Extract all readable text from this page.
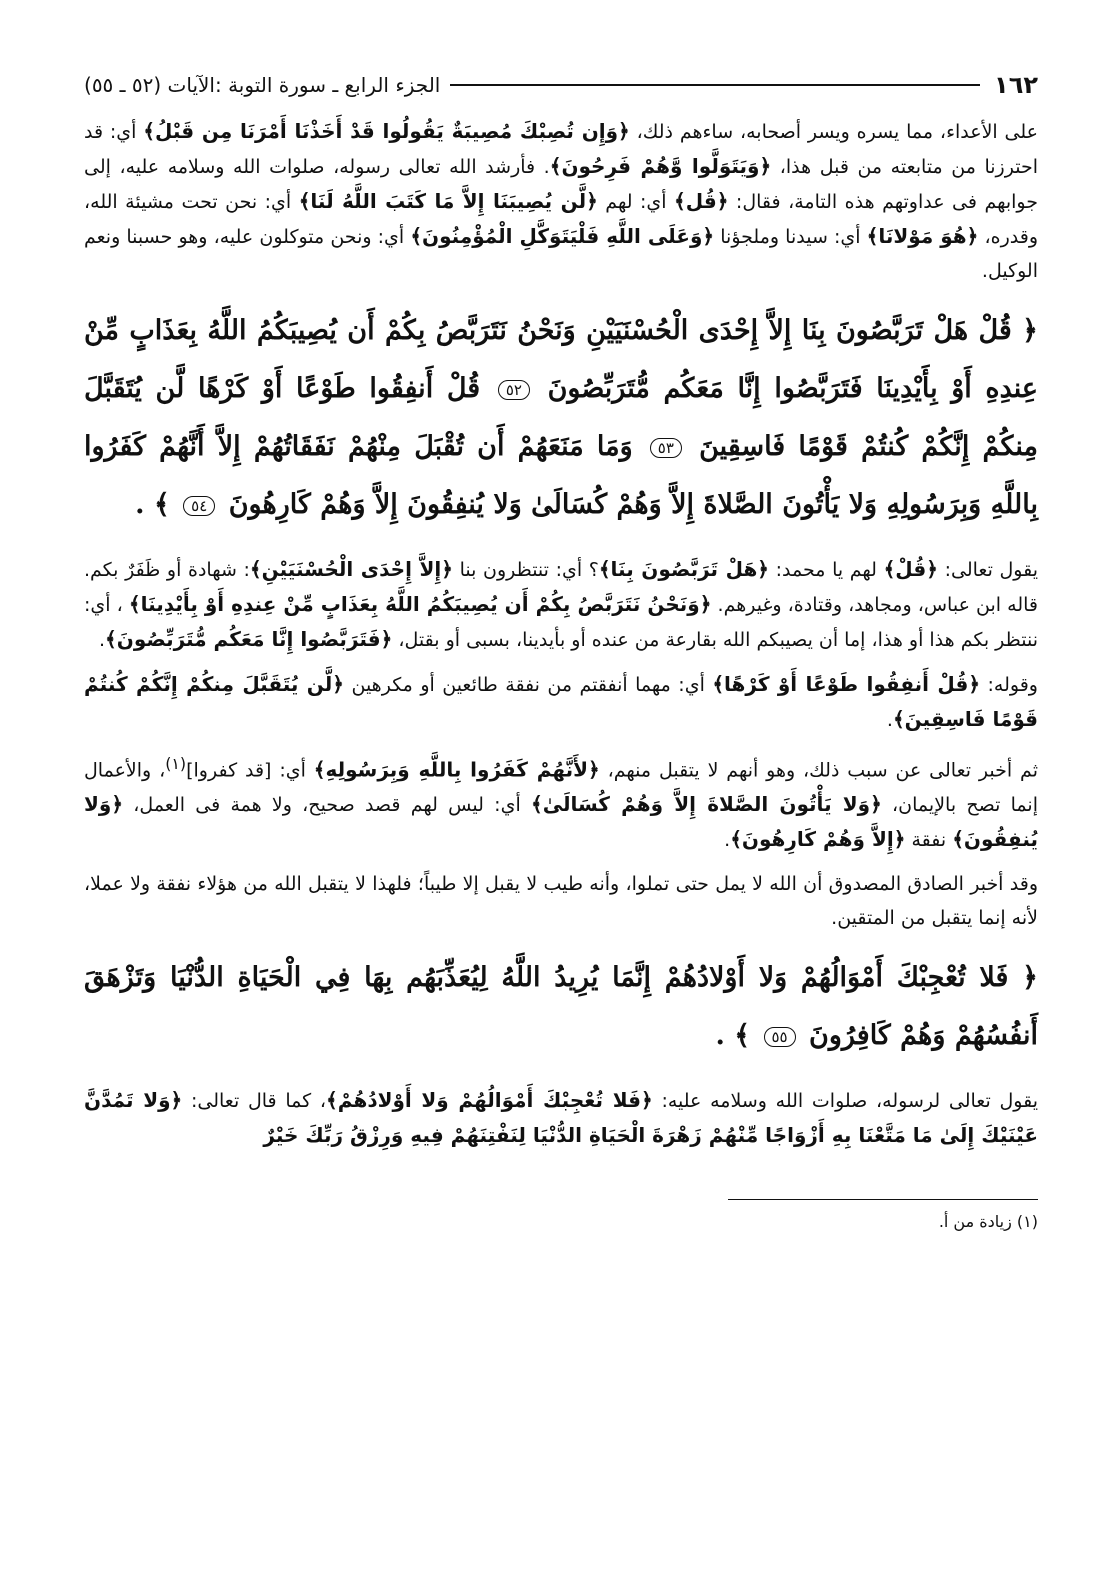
١٦٢
الجزء الرابع ـ سورة التوبة :الآيات (٥٢ ـ ٥٥)

على الأعداء، مما يسره ويسر أصحابه، ساءهم ذلك، ﴿وَإِن تُصِبْكَ مُصِيبَةٌ يَقُولُوا قَدْ أَخَذْنَا أَمْرَنَا مِن قَبْلُ﴾ أي: قد احترزنا من متابعته من قبل هذا، ﴿وَيَتَوَلَّوا وَّهُمْ فَرِحُونَ﴾. فأرشد الله تعالى رسوله، صلوات الله وسلامه عليه، إلى جوابهم فى عداوتهم هذه التامة، فقال: ﴿قُل﴾ أي: لهم ﴿لَّن يُصِيبَنَا إِلاَّ مَا كَتَبَ اللَّهُ لَنَا﴾ أي: نحن تحت مشيئة الله، وقدره، ﴿هُوَ مَوْلانَا﴾ أي: سيدنا وملجؤنا ﴿وَعَلَى اللَّهِ فَلْيَتَوَكَّلِ الْمُؤْمِنُونَ﴾ أي: ونحن متوكلون عليه، وهو حسبنا ونعم الوكيل.

﴿ قُلْ هَلْ تَرَبَّصُونَ بِنَا إِلاَّ إِحْدَى الْحُسْنَيَيْنِ وَنَحْنُ نَتَرَبَّصُ بِكُمْ أَن يُصِيبَكُمُ اللَّهُ بِعَذَابٍ مِّنْ عِندِهِ أَوْ بِأَيْدِينَا فَتَرَبَّصُوا إِنَّا مَعَكُم مُّتَرَبِّصُونَ ٥٢ قُلْ أَنفِقُوا طَوْعًا أَوْ كَرْهًا لَّن يُتَقَبَّلَ مِنكُمْ إِنَّكُمْ كُنتُمْ قَوْمًا فَاسِقِينَ ٥٣ وَمَا مَنَعَهُمْ أَن تُقْبَلَ مِنْهُمْ نَفَقَاتُهُمْ إِلاَّ أَنَّهُمْ كَفَرُوا بِاللَّهِ وَبِرَسُولِهِ وَلا يَأْتُونَ الصَّلاةَ إِلاَّ وَهُمْ كُسَالَىٰ وَلا يُنفِقُونَ إِلاَّ وَهُمْ كَارِهُونَ ٥٤ ﴾ .

يقول تعالى: ﴿قُلْ﴾ لهم يا محمد: ﴿هَلْ تَرَبَّصُونَ بِنَا﴾؟ أي: تنتظرون بنا ﴿إِلاَّ إِحْدَى الْحُسْنَيَيْنِ﴾: شهادة أو ظَفَرٌ بكم. قاله ابن عباس، ومجاهد، وقتادة، وغيرهم. ﴿وَنَحْنُ نَتَرَبَّصُ بِكُمْ أَن يُصِيبَكُمُ اللَّهُ بِعَذَابٍ مِّنْ عِندِهِ أَوْ بِأَيْدِينَا﴾ ، أي: ننتظر بكم هذا أو هذا، إما أن يصيبكم الله بقارعة من عنده أو بأيدينا، بسبى أو بقتل، ﴿فَتَرَبَّصُوا إِنَّا مَعَكُم مُّتَرَبِّصُونَ﴾.

وقوله: ﴿قُلْ أَنفِقُوا طَوْعًا أَوْ كَرْهًا﴾ أي: مهما أنفقتم من نفقة طائعين أو مكرهين ﴿لَّن يُتَقَبَّلَ مِنكُمْ إِنَّكُمْ كُنتُمْ قَوْمًا فَاسِقِينَ﴾.

ثم أخبر تعالى عن سبب ذلك، وهو أنهم لا يتقبل منهم، ﴿لأَنَّهُمْ كَفَرُوا بِاللَّهِ وَبِرَسُولِهِ﴾ أي: [قد كفروا]$^{(١)}$، والأعمال إنما تصح بالإيمان، ﴿وَلا يَأْتُونَ الصَّلاةَ إِلاَّ وَهُمْ كُسَالَىٰ﴾ أي: ليس لهم قصد صحيح، ولا همة فى العمل، ﴿وَلا يُنفِقُونَ﴾ نفقة ﴿إِلاَّ وَهُمْ كَارِهُونَ﴾.

وقد أخبر الصادق المصدوق أن الله لا يمل حتى تملوا، وأنه طيب لا يقبل إلا طيباً؛ فلهذا لا يتقبل الله من هؤلاء نفقة ولا عملا، لأنه إنما يتقبل من المتقين.

﴿ فَلا تُعْجِبْكَ أَمْوَالُهُمْ وَلا أَوْلادُهُمْ إِنَّمَا يُرِيدُ اللَّهُ لِيُعَذِّبَهُم بِهَا فِي الْحَيَاةِ الدُّنْيَا وَتَزْهَقَ أَنفُسُهُمْ وَهُمْ كَافِرُونَ ٥٥ ﴾ .

يقول تعالى لرسوله، صلوات الله وسلامه عليه: ﴿فَلا تُعْجِبْكَ أَمْوَالُهُمْ وَلا أَوْلادُهُمْ﴾، كما قال تعالى: ﴿وَلا تَمُدَّنَّ عَيْنَيْكَ إِلَىٰ مَا مَتَّعْنَا بِهِ أَزْوَاجًا مِّنْهُمْ زَهْرَةَ الْحَيَاةِ الدُّنْيَا لِنَفْتِنَهُمْ فِيهِ وَرِزْقُ رَبِّكَ خَيْرٌ

(١) زيادة من أ.
